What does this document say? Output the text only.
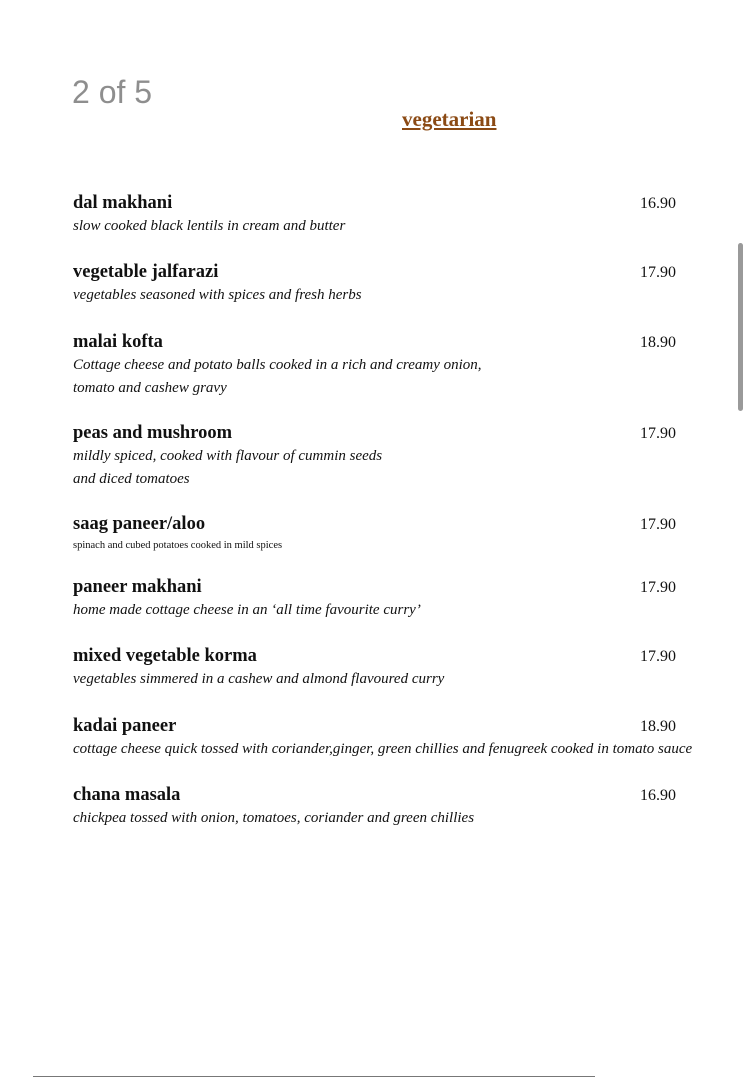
2 of 5
vegetarian
dal makhani	16.90
slow cooked black lentils in cream and butter
vegetable jalfarazi	17.90
vegetables seasoned with spices and fresh herbs
malai kofta	18.90
Cottage cheese and potato balls cooked in a rich and creamy onion,
tomato and cashew gravy
peas and mushroom	17.90
mildly spiced, cooked with flavour of cummin seeds
and diced tomatoes
saag paneer/aloo	17.90
spinach and cubed potatoes cooked in mild spices
paneer makhani	17.90
home made cottage cheese in an ‘all time favourite curry’
mixed vegetable korma	17.90
vegetables simmered in a cashew and almond flavoured curry
kadai paneer	18.90
cottage cheese quick tossed with coriander,ginger, green chillies and fenugreek cooked in tomato sauce
chana masala	16.90
chickpea tossed with onion, tomatoes, coriander and green chillies
